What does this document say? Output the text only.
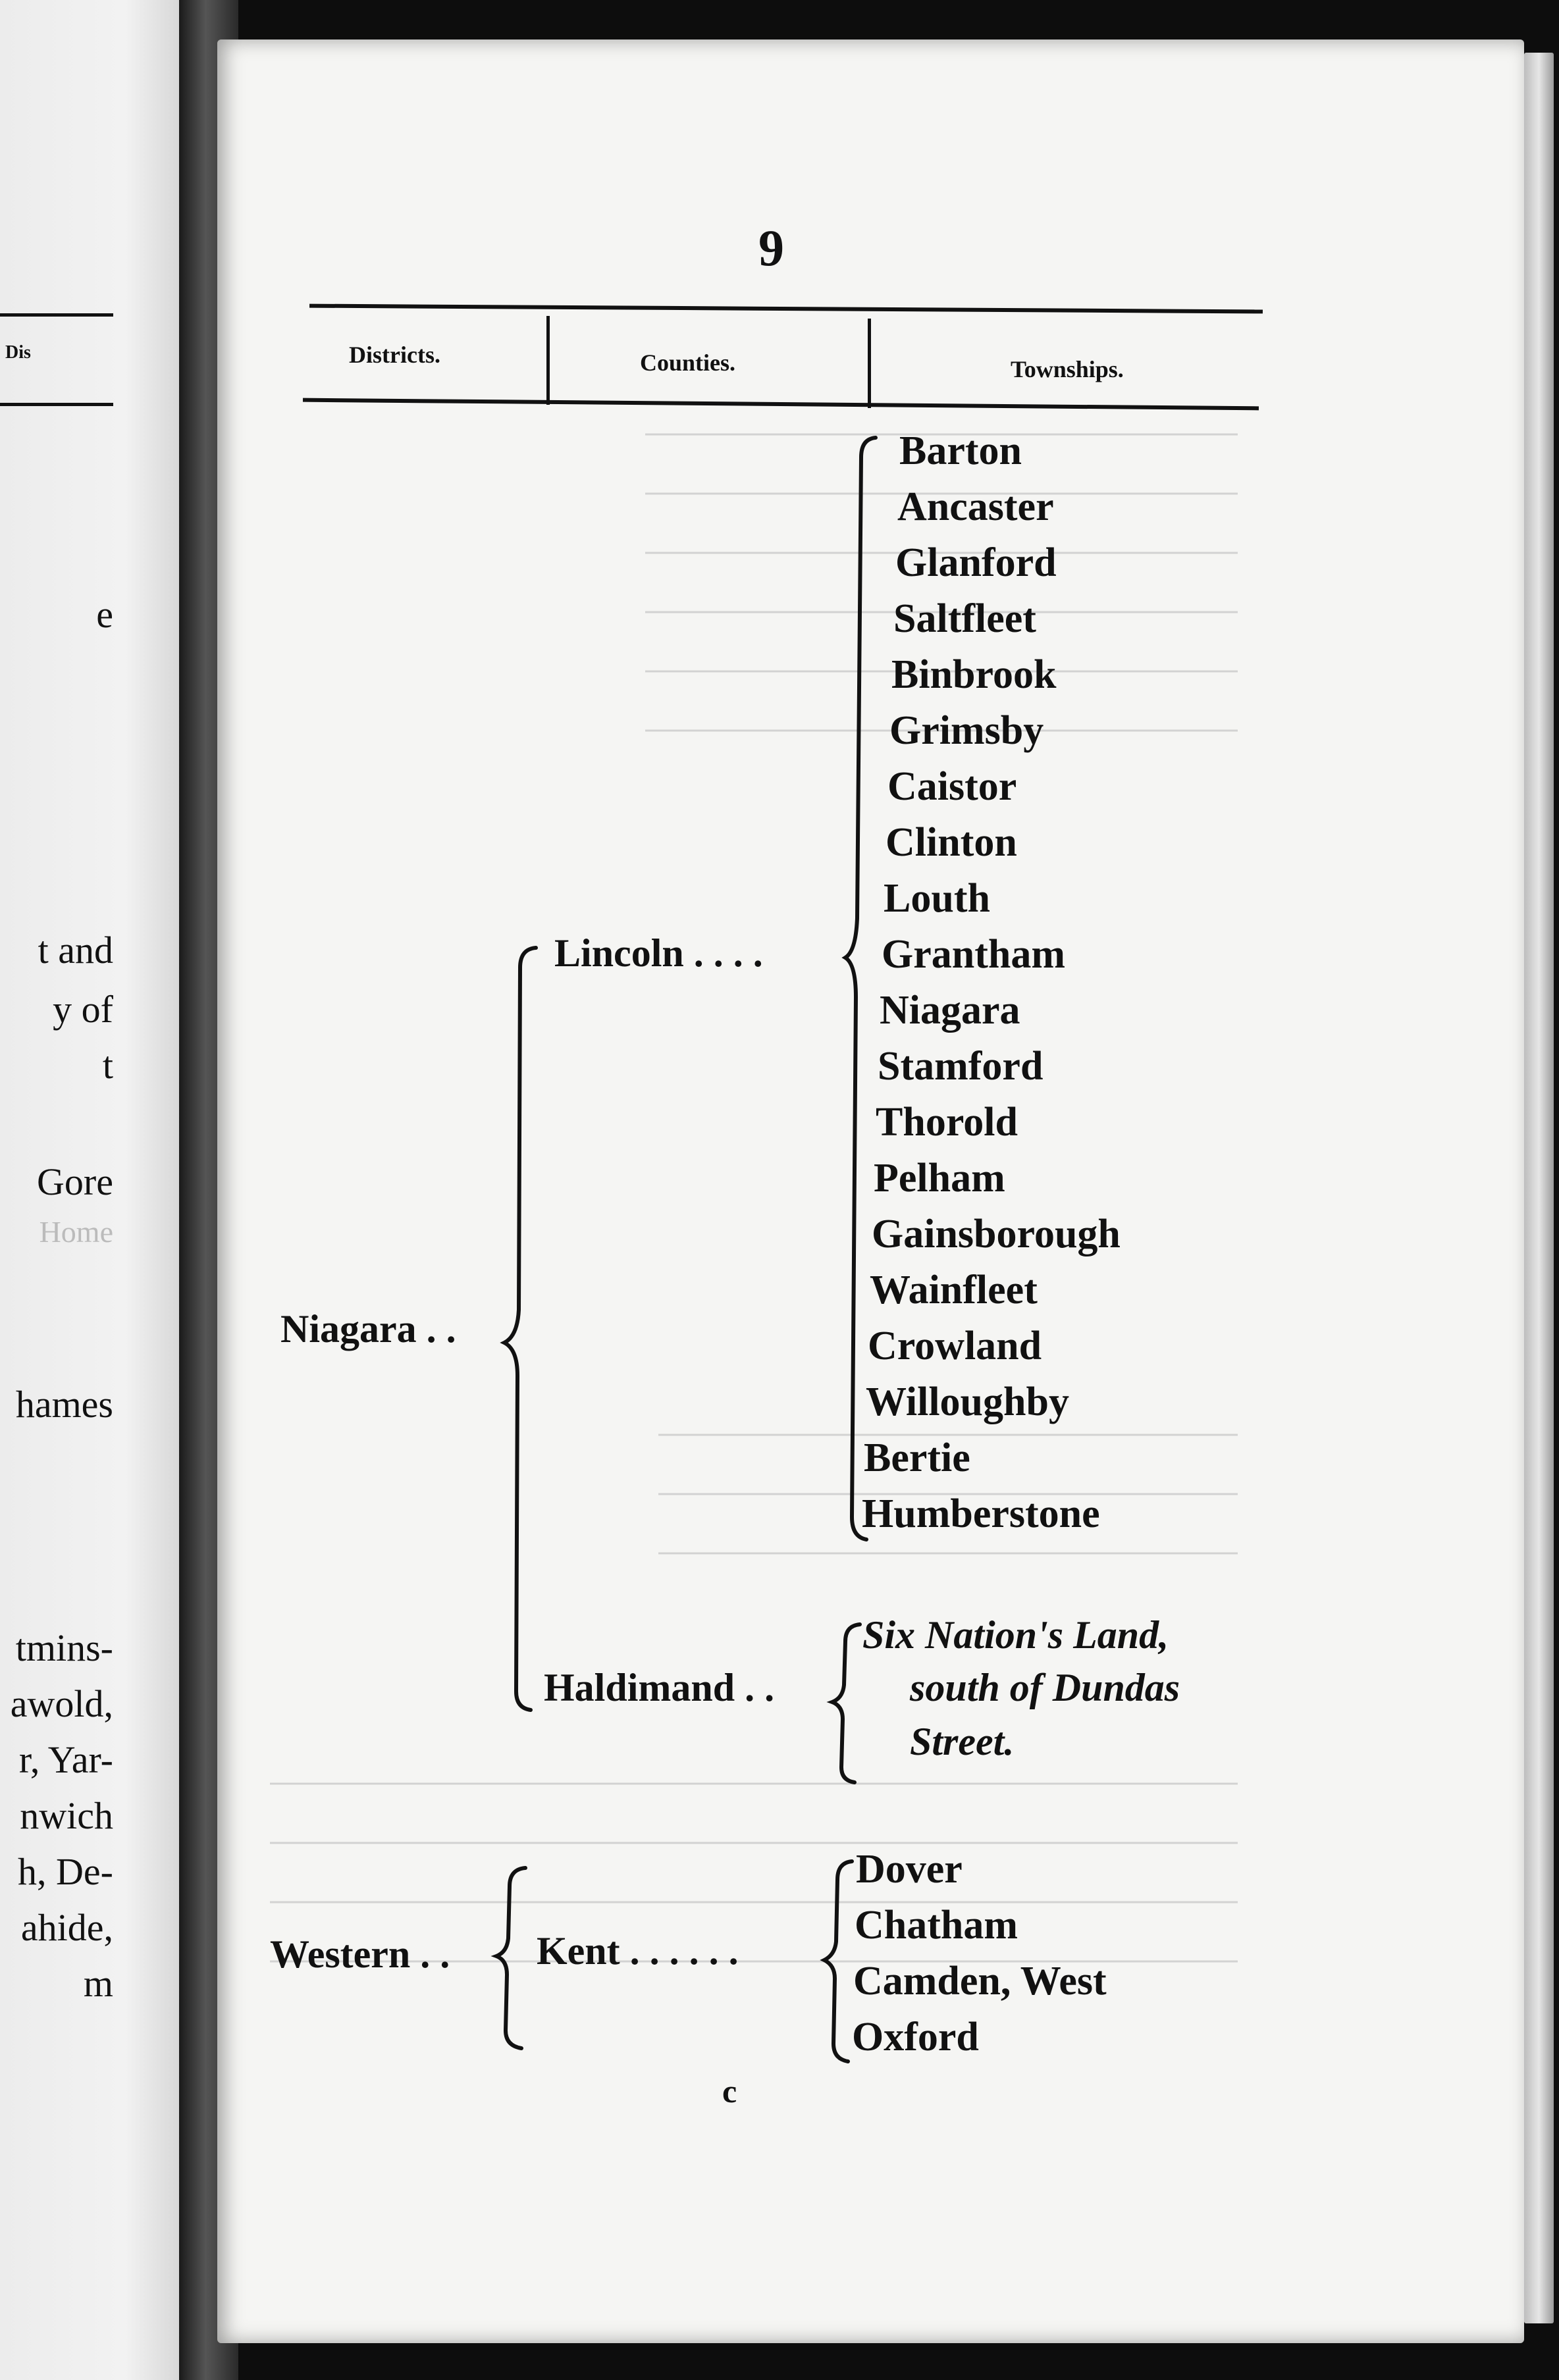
Dis
e
t and
y of
t
Gore
Home
hames
tmins-
awold,
r, Yar-
nwich
h, De-
ahide,
m
9
Districts.	Counties.	Townships.
Barton
Ancaster
Glanford
Saltfleet
Binbrook
Grimsby
Caistor
Clinton
Louth
Grantham
Niagara
Stamford
Thorold
Pelham
Gainsborough
Wainfleet
Crowland
Willoughby
Bertie
Humberstone
Six Nation's Land,
south of Dundas
Street.
Dover
Chatham
Camden, West
Oxford
Lincoln . . . .
Haldimand . .
Kent . . . . . .
Niagara . .
Western . .
c
